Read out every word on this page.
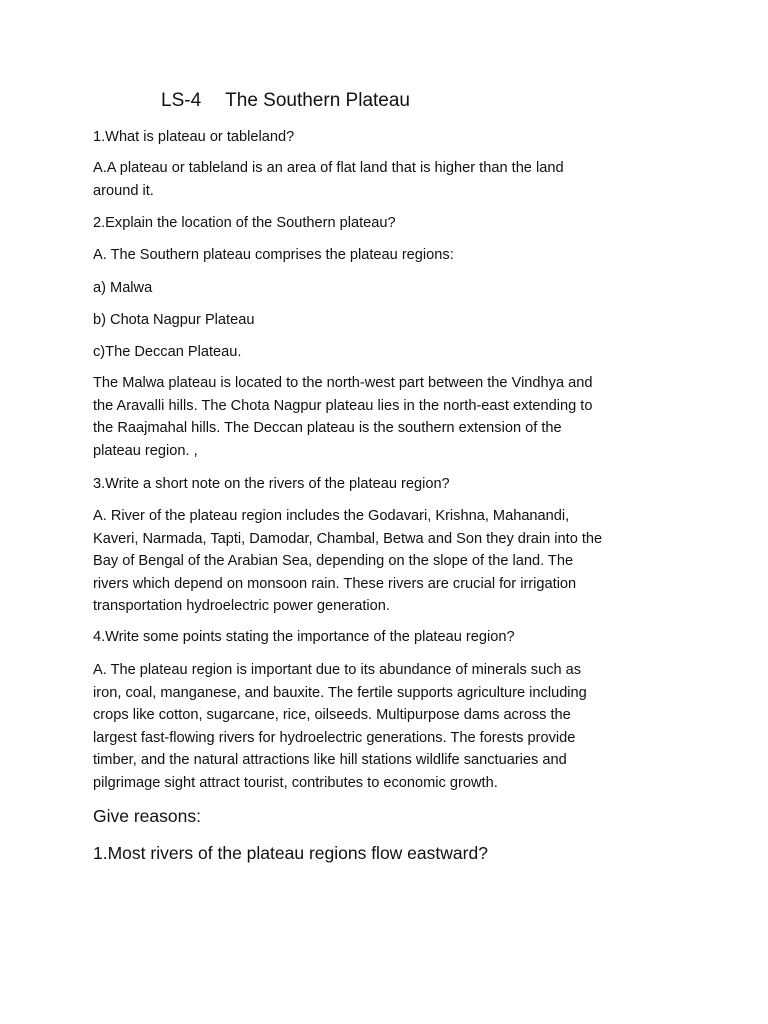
LS-4 The Southern Plateau

1.What is plateau or tableland?

A.A plateau or tableland is an area of flat land that is higher than the land
around it.

2.Explain the location of the Southern plateau?

A. The Southern plateau comprises the plateau regions:

a) Malwa

b) Chota Nagpur Plateau

c)The Deccan Plateau.

The Malwa plateau is located to the north-west part between the Vindhya and
the Aravalli hills. The Chota Nagpur plateau lies in the north-east extending to
the Raajmahal hills. The Deccan plateau is the southern extension of the
plateau region. ,

3.Write a short note on the rivers of the plateau region?

A. River of the plateau region includes the Godavari, Krishna, Mahanandi,
Kaveri, Narmada, Tapti, Damodar, Chambal, Betwa and Son they drain into the
Bay of Bengal of the Arabian Sea, depending on the slope of the land. The
rivers which depend on monsoon rain. These rivers are crucial for irrigation
transportation hydroelectric power generation.

4.Write some points stating the importance of the plateau region?

A. The plateau region is important due to its abundance of minerals such as
iron, coal, manganese, and bauxite. The fertile supports agriculture including
crops like cotton, sugarcane, rice, oilseeds. Multipurpose dams across the
largest fast-flowing rivers for hydroelectric generations. The forests provide
timber, and the natural attractions like hill stations wildlife sanctuaries and
pilgrimage sight attract tourist, contributes to economic growth.

Give reasons:

1.Most rivers of the plateau regions flow eastward?
